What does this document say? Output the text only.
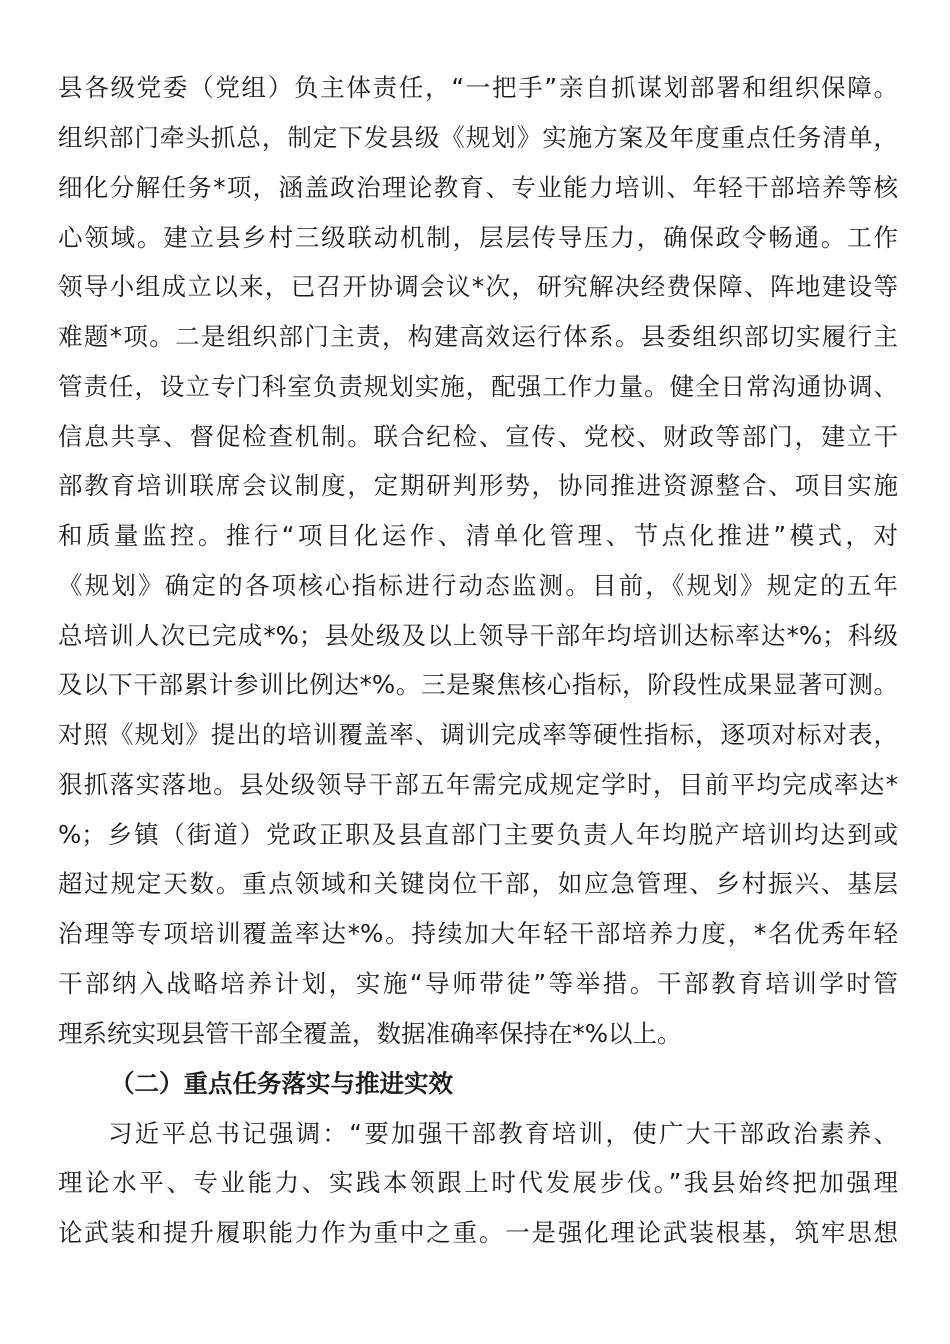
县各级党委（党组）负主体责任，“一把手”亲自抓谋划部署和组织保障。
组织部门牵头抓总，制定下发县级《规划》实施方案及年度重点任务清单，
细化分解任务*项，涵盖政治理论教育、专业能力培训、年轻干部培养等核
心领域。建立县乡村三级联动机制，层层传导压力，确保政令畅通。工作
领导小组成立以来，已召开协调会议*次，研究解决经费保障、阵地建设等
难题*项。二是组织部门主责，构建高效运行体系。县委组织部切实履行主
管责任，设立专门科室负责规划实施，配强工作力量。健全日常沟通协调、
信息共享、督促检查机制。联合纪检、宣传、党校、财政等部门，建立干
部教育培训联席会议制度，定期研判形势，协同推进资源整合、项目实施
和质量监控。推行“项目化运作、清单化管理、节点化推进”模式，对
《规划》确定的各项核心指标进行动态监测。目前，《规划》规定的五年
总培训人次已完成*%；县处级及以上领导干部年均培训达标率达*%；科级
及以下干部累计参训比例达*%。三是聚焦核心指标，阶段性成果显著可测。
对照《规划》提出的培训覆盖率、调训完成率等硬性指标，逐项对标对表，
狠抓落实落地。县处级领导干部五年需完成规定学时，目前平均完成率达*
%；乡镇（街道）党政正职及县直部门主要负责人年均脱产培训均达到或
超过规定天数。重点领域和关键岗位干部，如应急管理、乡村振兴、基层
治理等专项培训覆盖率达*%。持续加大年轻干部培养力度，*名优秀年轻
干部纳入战略培养计划，实施“导师带徒”等举措。干部教育培训学时管
理系统实现县管干部全覆盖，数据准确率保持在*%以上。
（二）重点任务落实与推进实效
习近平总书记强调：“要加强干部教育培训，使广大干部政治素养、
理论水平、专业能力、实践本领跟上时代发展步伐。”我县始终把加强理
论武装和提升履职能力作为重中之重。一是强化理论武装根基，筑牢思想
